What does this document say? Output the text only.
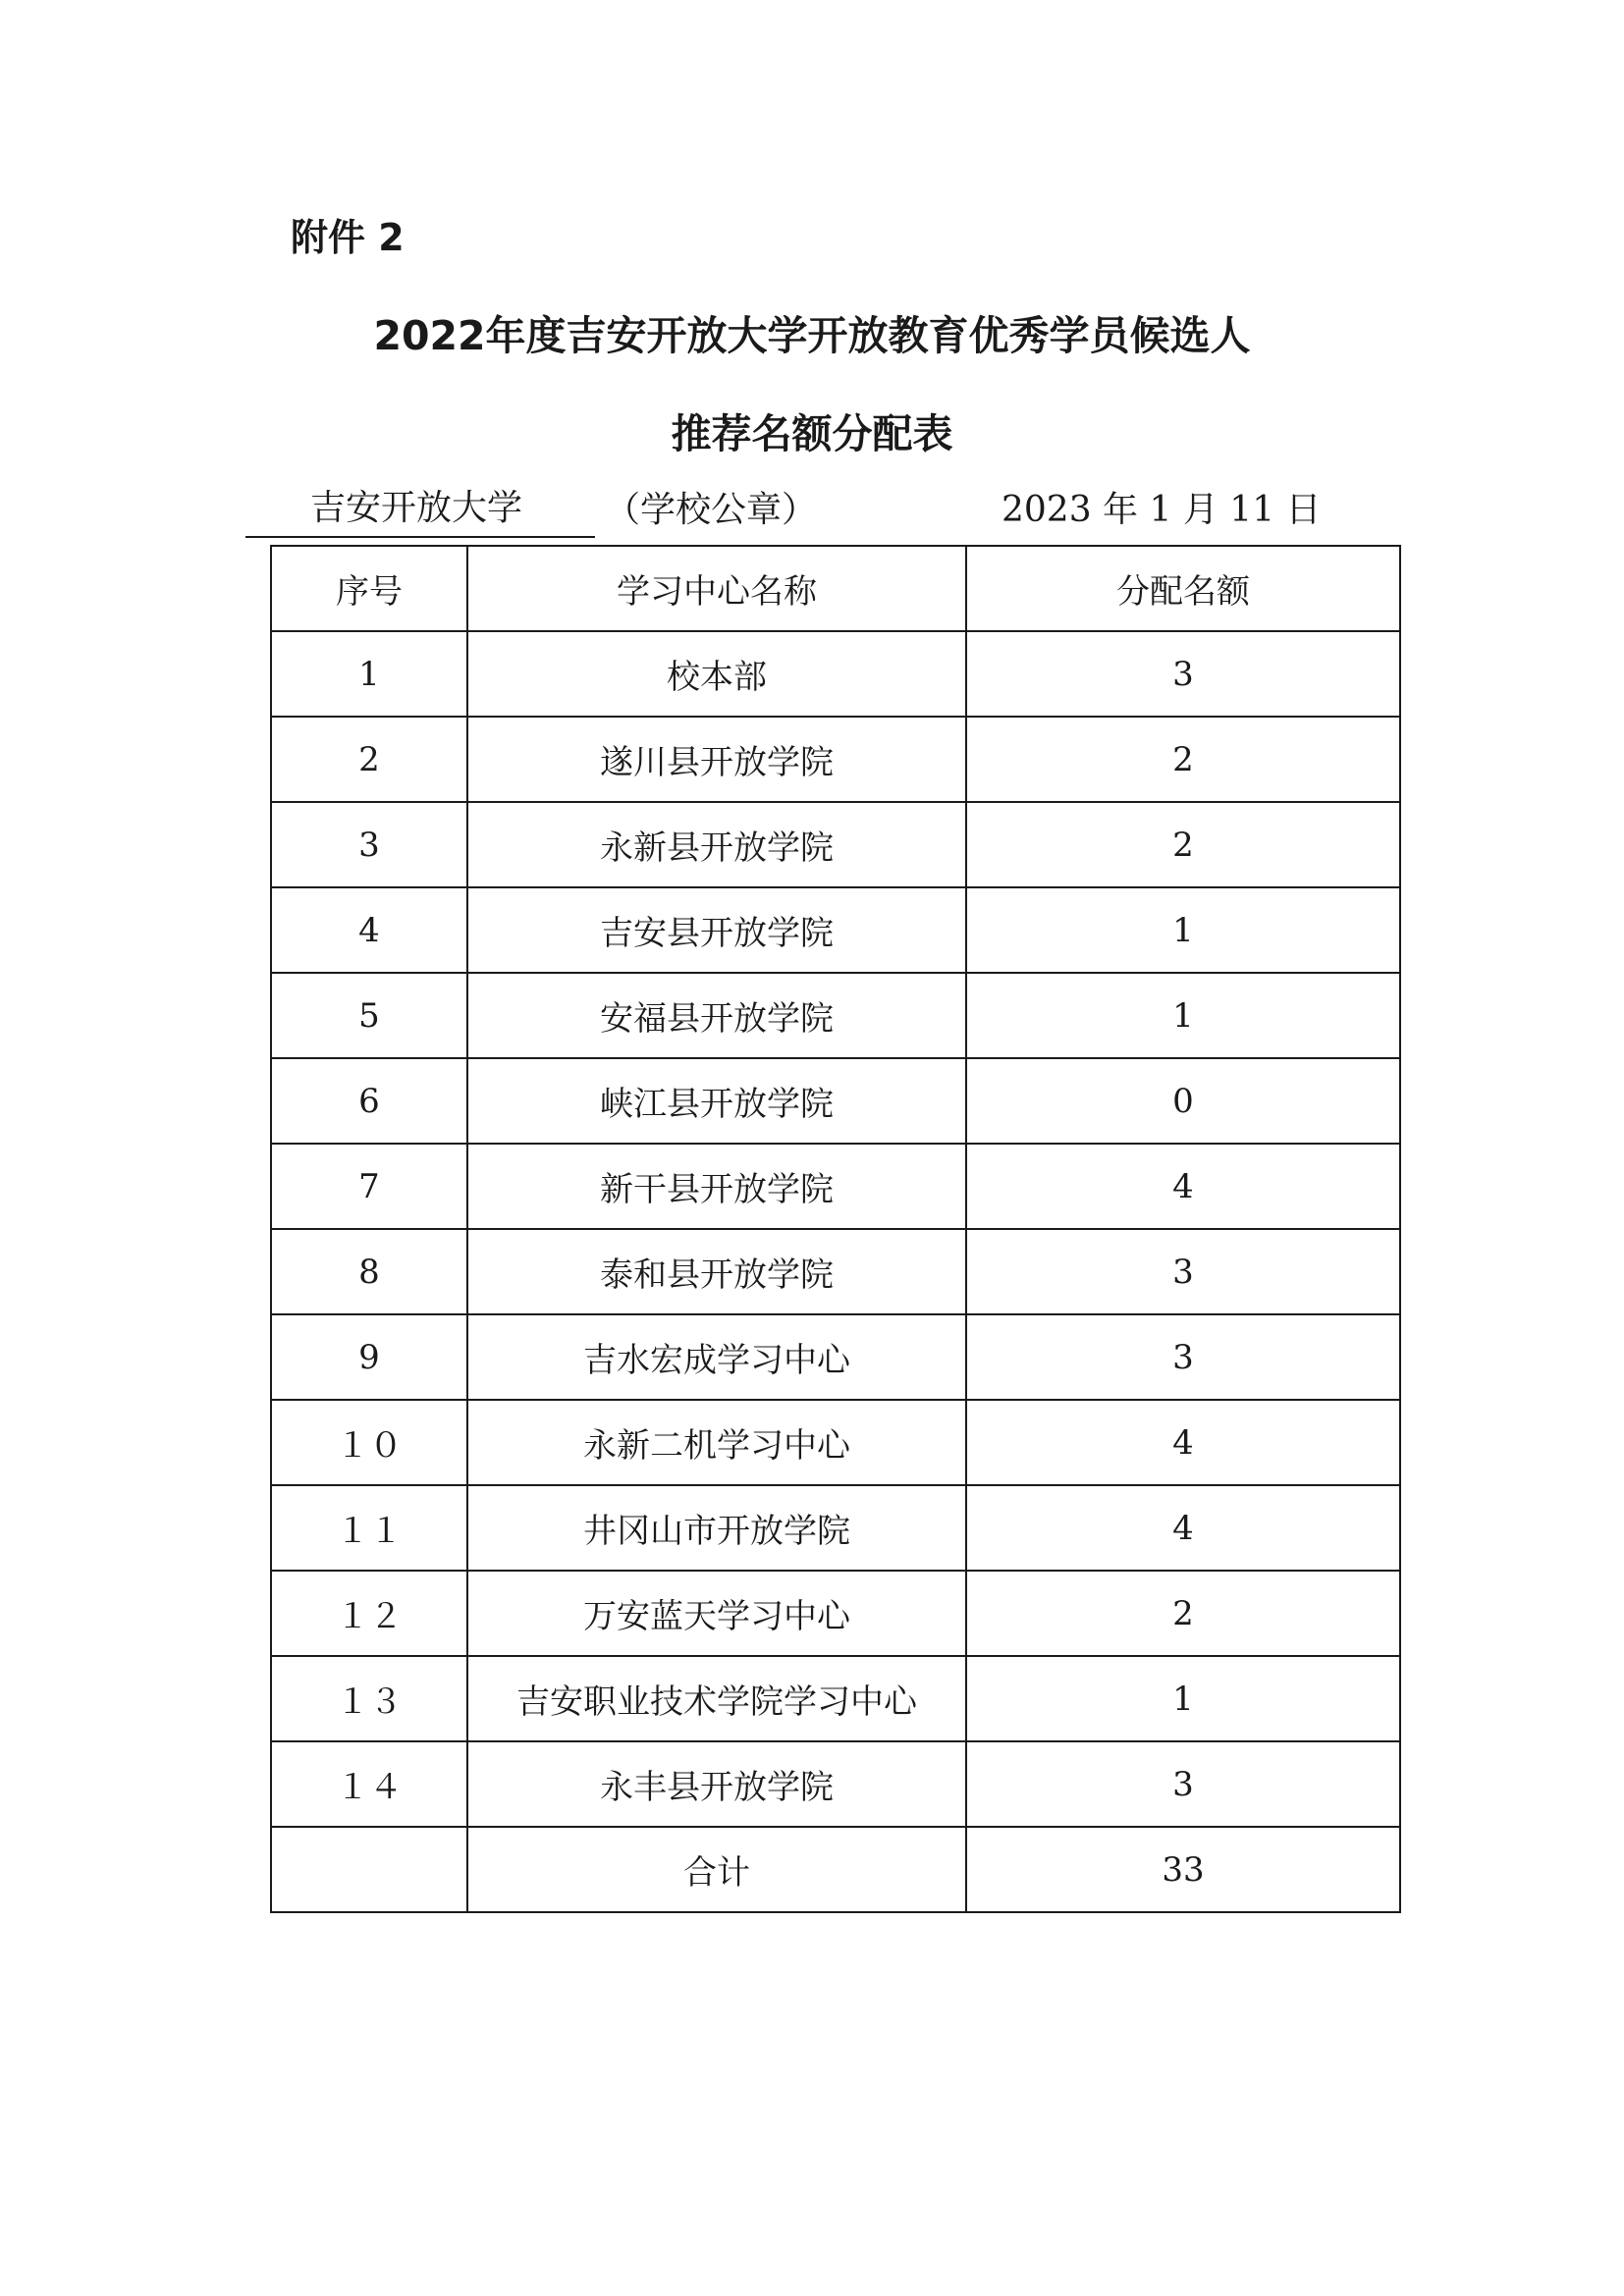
附件 2
2022年度吉安开放大学开放教育优秀学员候选人
推荐名额分配表
吉安开放大学	（学校公章）	2023 年 1 月 11 日
序号	学习中心名称	分配名额
1	校本部	3
2	遂川县开放学院	2
3	永新县开放学院	2
4	吉安县开放学院	1
5	安福县开放学院	1
6	峡江县开放学院	0
7	新干县开放学院	4
8	泰和县开放学院	3
9	吉水宏成学习中心	3
１０	永新二机学习中心	4
１１	井冈山市开放学院	4
１２	万安蓝天学习中心	2
１３	吉安职业技术学院学习中心	1
１４	永丰县开放学院	3
	合计	33
